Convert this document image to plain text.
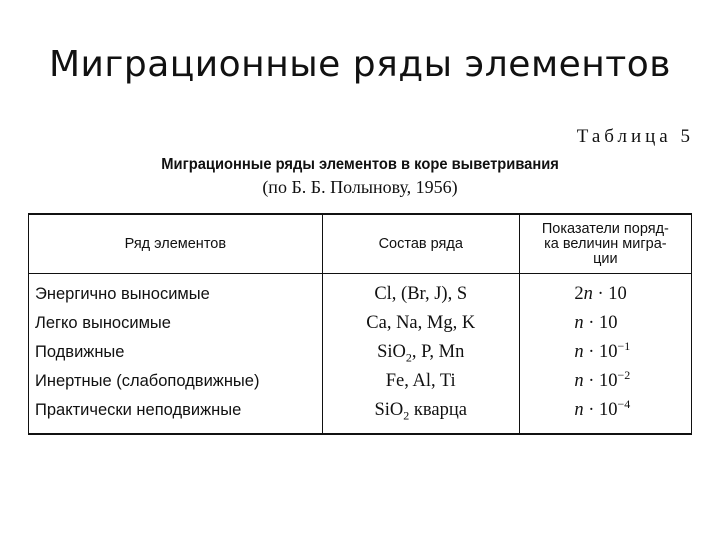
Миграционные ряды элементов
Таблица 5
Миграционные ряды элементов в коре выветривания
(по Б. Б. Полынову, 1956)
Ряд элементов	Состав ряда	Показатели поряд-
ка величин мигра-
ции

Энергично выносимые	Cl, (Br, J), S	2n · 10
Легко выносимые	Ca, Na, Mg, K	n · 10
Подвижные	SiO$_2$, P, Mn	$n \cdot 10^{-1}$
Инертные (слабоподвижные)	Fe, Al, Ti	$n \cdot 10^{-2}$
Практически неподвижные	SiO$_2$ кварца	$n \cdot 10^{-4}$
